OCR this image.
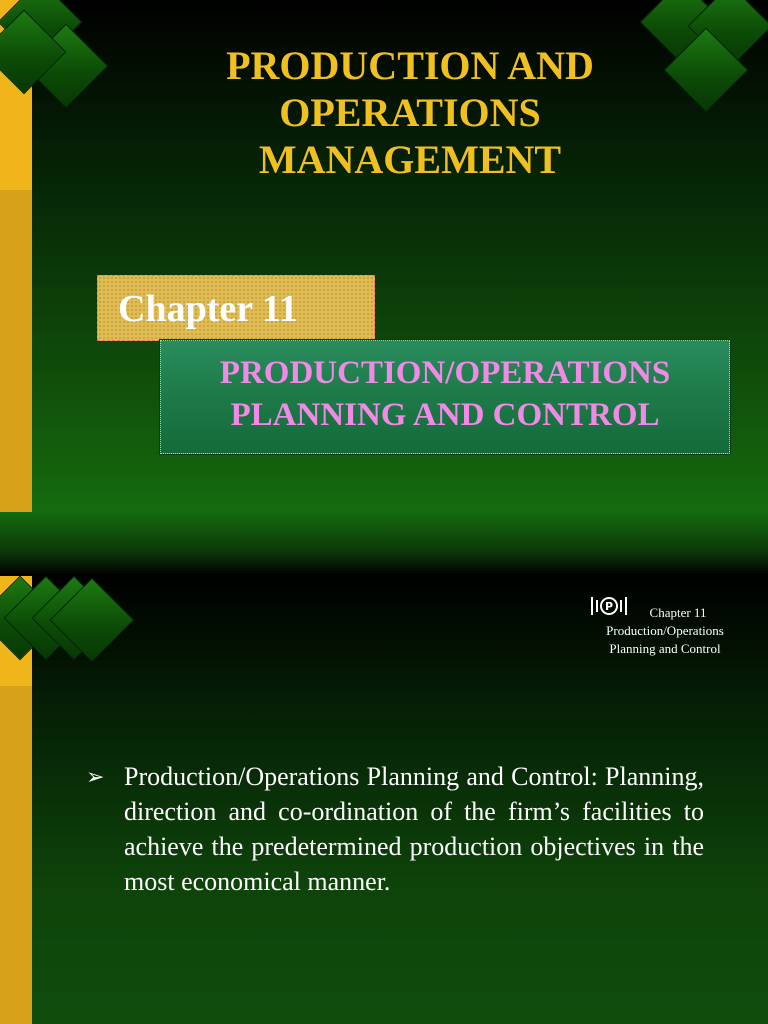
PRODUCTION AND
OPERATIONS
MANAGEMENT
Chapter 11
PRODUCTION/OPERATIONS
PLANNING AND CONTROL
P	Chapter 11
Production/Operations
Planning and Control
➢ Production/Operations Planning and Control: Planning, direction and co-ordination of the firm’s facilities to achieve the predetermined production objectives in the most economical manner.
